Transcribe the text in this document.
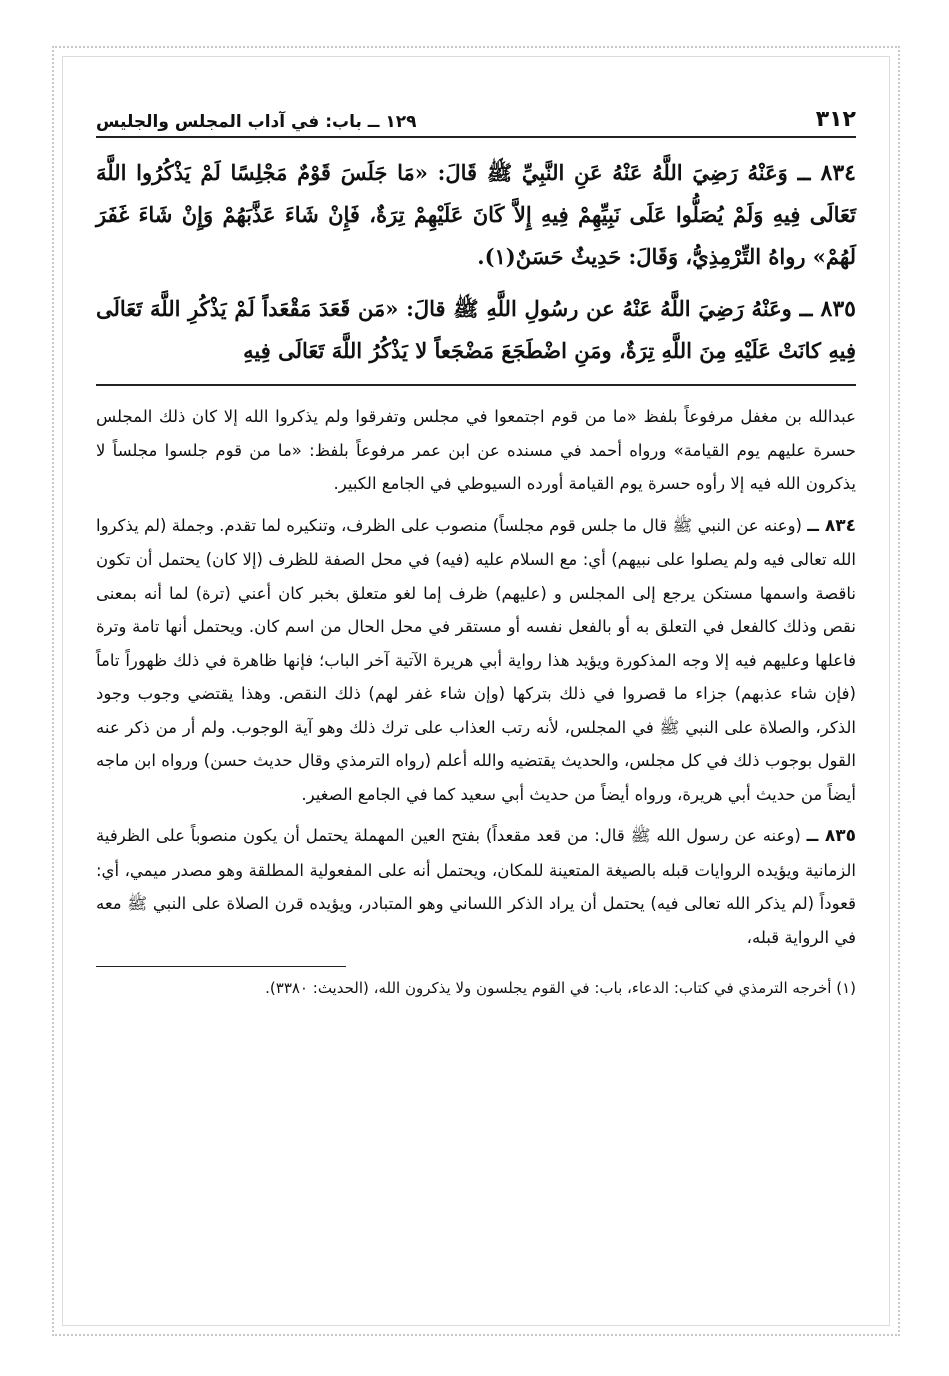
٣١٢
١٢٩ ــ باب: في آداب المجلس والجليس
٨٣٤ ــ وَعَنْهُ رَضِيَ اللَّهُ عَنْهُ عَنِ النَّبِيِّ ﷺ قَالَ: «مَا جَلَسَ قَوْمٌ مَجْلِسًا لَمْ يَذْكُرُوا اللَّهَ تَعَالَى فِيهِ وَلَمْ يُصَلُّوا عَلَى نَبِيِّهِمْ فِيهِ إِلاَّ كَانَ عَلَيْهِمْ تِرَةٌ، فَإِنْ شَاءَ عَذَّبَهُمْ وَإِنْ شَاءَ غَفَرَ لَهُمْ» رواهُ التِّرْمِذِيُّ، وَقَالَ: حَدِيثٌ حَسَنٌ(١).
٨٣٥ ــ وعَنْهُ رَضِيَ اللَّهُ عَنْهُ عن رسُولِ اللَّهِ ﷺ قالَ: «مَن قَعَدَ مَقْعَداً لَمْ يَذْكُرِ اللَّهَ تَعَالَى فِيهِ كانَتْ عَلَيْهِ مِنَ اللَّهِ تِرَةٌ، ومَنِ اضْطَجَعَ مَضْجَعاً لا يَذْكُرُ اللَّهَ تَعَالَى فِيهِ

عبدالله بن مغفل مرفوعاً بلفظ «ما من قوم اجتمعوا في مجلس وتفرقوا ولم يذكروا الله إلا كان ذلك المجلس حسرة عليهم يوم القيامة» ورواه أحمد في مسنده عن ابن عمر مرفوعاً بلفظ: «ما من قوم جلسوا مجلساً لا يذكرون الله فيه إلا رأوه حسرة يوم القيامة أورده السيوطي في الجامع الكبير.

٨٣٤ ــ (وعنه عن النبي ﷺ قال ما جلس قوم مجلساً) منصوب على الظرف، وتنكيره لما تقدم. وجملة (لم يذكروا الله تعالى فيه ولم يصلوا على نبيهم) أي: مع السلام عليه (فيه) في محل الصفة للظرف (إلا كان) يحتمل أن تكون ناقصة واسمها مستكن يرجع إلى المجلس و (عليهم) ظرف إما لغو متعلق بخبر كان أعني (ترة) لما أنه بمعنى نقص وذلك كالفعل في التعلق به أو بالفعل نفسه أو مستقر في محل الحال من اسم كان. ويحتمل أنها تامة وترة فاعلها وعليهم فيه إلا وجه المذكورة ويؤيد هذا رواية أبي هريرة الآتية آخر الباب؛ فإنها ظاهرة في ذلك ظهوراً تاماً (فإن شاء عذبهم) جزاء ما قصروا في ذلك بتركها (وإن شاء غفر لهم) ذلك النقص. وهذا يقتضي وجوب وجود الذكر، والصلاة على النبي ﷺ في المجلس، لأنه رتب العذاب على ترك ذلك وهو آية الوجوب. ولم أر من ذكر عنه القول بوجوب ذلك في كل مجلس، والحديث يقتضيه والله أعلم (رواه الترمذي وقال حديث حسن) ورواه ابن ماجه أيضاً من حديث أبي هريرة، ورواه أيضاً من حديث أبي سعيد كما في الجامع الصغير.

٨٣٥ ــ (وعنه عن رسول الله ﷺ قال: من قعد مقعداً) بفتح العين المهملة يحتمل أن يكون منصوباً على الظرفية الزمانية ويؤيده الروايات قبله بالصيغة المتعينة للمكان، ويحتمل أنه على المفعولية المطلقة وهو مصدر ميمي، أي: قعوداً (لم يذكر الله تعالى فيه) يحتمل أن يراد الذكر اللساني وهو المتبادر، ويؤيده قرن الصلاة على النبي ﷺ معه في الرواية قبله،

(١) أخرجه الترمذي في كتاب: الدعاء، باب: في القوم يجلسون ولا يذكرون الله، (الحديث: ٣٣٨٠).
